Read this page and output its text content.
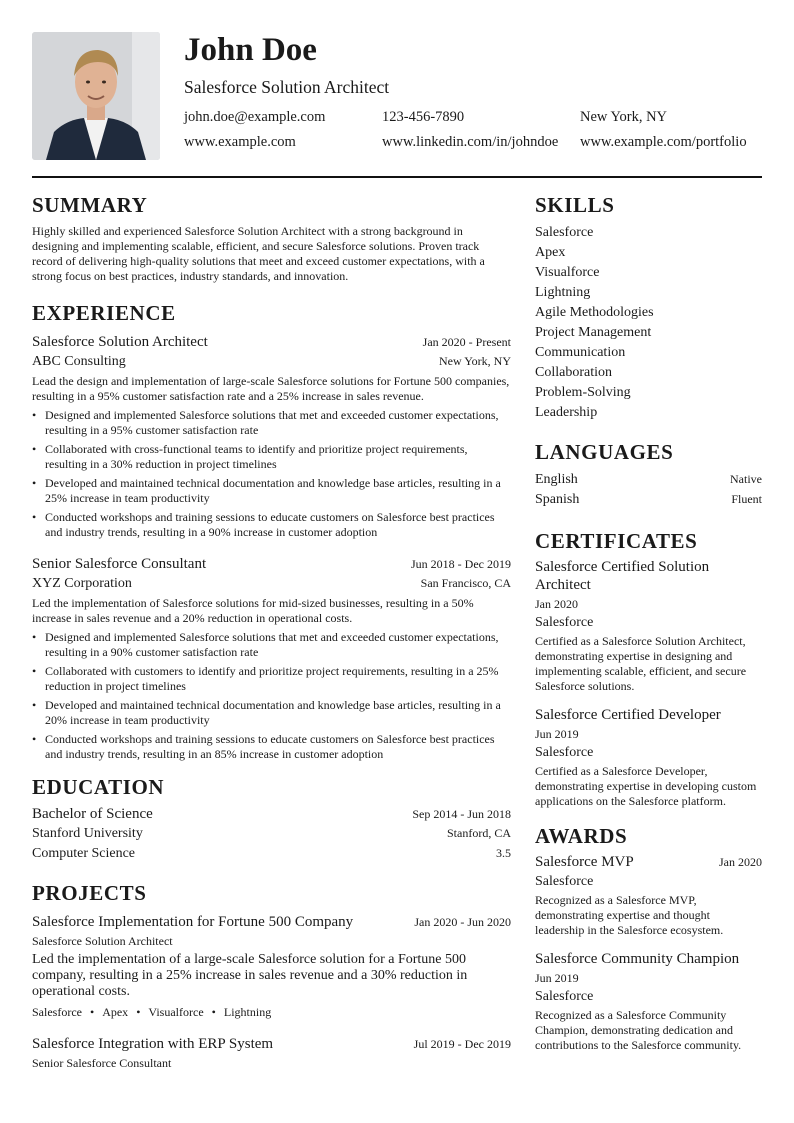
John Doe
Salesforce Solution Architect
john.doe@example.com	123-456-7890	New York, NY
www.example.com	www.linkedin.com/in/johndoe	www.example.com/portfolio
SUMMARY

Highly skilled and experienced Salesforce Solution Architect with a strong background in designing and implementing scalable, efficient, and secure Salesforce solutions. Proven track record of delivering high-quality solutions that meet and exceed customer expectations, with a strong focus on best practices, industry standards, and innovation.

EXPERIENCE
Salesforce Solution Architect	Jan 2020 - Present
ABC Consulting	New York, NY

Lead the design and implementation of large-scale Salesforce solutions for Fortune 500 companies, resulting in a 95% customer satisfaction rate and a 25% increase in sales revenue.

• Designed and implemented Salesforce solutions that met and exceeded customer expectations, resulting in a 95% customer satisfaction rate
• Collaborated with cross-functional teams to identify and prioritize project requirements, resulting in a 30% reduction in project timelines
• Developed and maintained technical documentation and knowledge base articles, resulting in a 25% increase in team productivity
• Conducted workshops and training sessions to educate customers on Salesforce best practices and industry trends, resulting in a 90% increase in customer adoption
Senior Salesforce Consultant	Jun 2018 - Dec 2019
XYZ Corporation	San Francisco, CA

Led the implementation of Salesforce solutions for mid-sized businesses, resulting in a 50% increase in sales revenue and a 20% reduction in operational costs.

• Designed and implemented Salesforce solutions that met and exceeded customer expectations, resulting in a 90% customer satisfaction rate
• Collaborated with customers to identify and prioritize project requirements, resulting in a 25% reduction in project timelines
• Developed and maintained technical documentation and knowledge base articles, resulting in a 20% increase in team productivity
• Conducted workshops and training sessions to educate customers on Salesforce best practices and industry trends, resulting in an 85% increase in customer adoption
EDUCATION
Bachelor of Science	Sep 2014 - Jun 2018
Stanford University	Stanford, CA
Computer Science	3.5
PROJECTS
Salesforce Implementation for Fortune 500 Company	Jan 2020 - Jun 2020
Salesforce Solution Architect

Led the implementation of a large-scale Salesforce solution for a Fortune 500 company, resulting in a 25% increase in sales revenue and a 30% reduction in operational costs.

Salesforce • Apex • Visualforce • Lightning
Salesforce Integration with ERP System	Jul 2019 - Dec 2019
Senior Salesforce Consultant
SKILLS
Salesforce
Apex
Visualforce
Lightning
Agile Methodologies
Project Management
Communication
Collaboration
Problem-Solving
Leadership
LANGUAGES
English	Native
Spanish	Fluent
CERTIFICATES
Salesforce Certified Solution Architect
Jan 2020
Salesforce

Certified as a Salesforce Solution Architect, demonstrating expertise in designing and implementing scalable, efficient, and secure Salesforce solutions.

Salesforce Certified Developer
Jun 2019
Salesforce

Certified as a Salesforce Developer, demonstrating expertise in developing custom applications on the Salesforce platform.

AWARDS
Salesforce MVP	Jan 2020
Salesforce

Recognized as a Salesforce MVP, demonstrating expertise and thought leadership in the Salesforce ecosystem.

Salesforce Community Champion
Jun 2019
Salesforce

Recognized as a Salesforce Community Champion, demonstrating dedication and contributions to the Salesforce community.
